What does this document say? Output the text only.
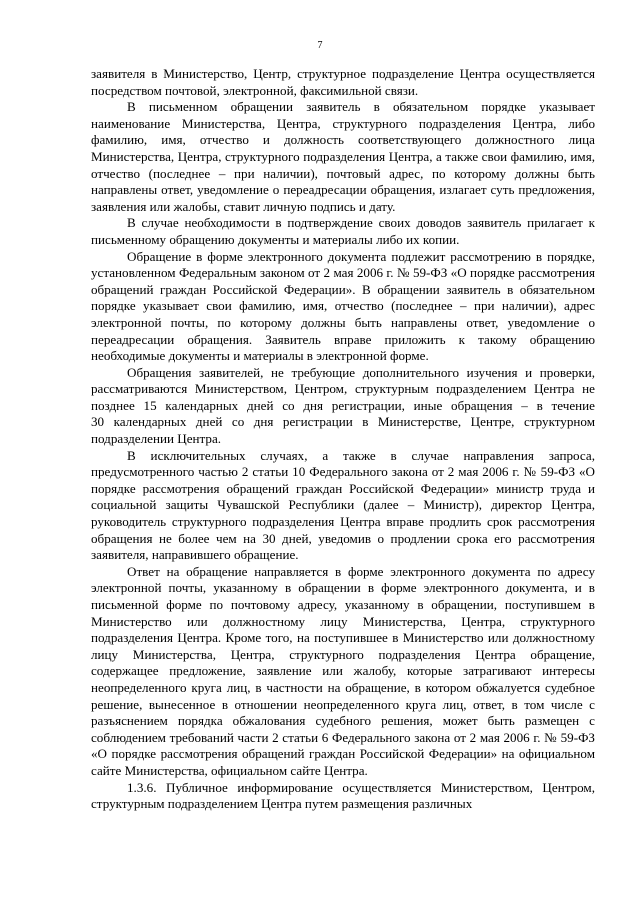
7

заявителя в Министерство, Центр, структурное подразделение Центра осуществляется посредством почтовой, электронной, факсимильной связи.

В письменном обращении заявитель в обязательном порядке указывает наименование Министерства, Центра, структурного подразделения Центра, либо фамилию, имя, отчество и должность соответствующего должностного лица Министерства, Центра, структурного подразделения Центра, а также свои фамилию, имя, отчество (последнее – при наличии), почтовый адрес, по которому должны быть направлены ответ, уведомление о переадресации обращения, излагает суть предложения, заявления или жалобы, ставит личную подпись и дату.

В случае необходимости в подтверждение своих доводов заявитель прилагает к письменному обращению документы и материалы либо их копии.

Обращение в форме электронного документа подлежит рассмотрению в порядке, установленном Федеральным законом от 2 мая 2006 г. № 59-ФЗ «О порядке рассмотрения обращений граждан Российской Федерации». В обращении заявитель в обязательном порядке указывает свои фамилию, имя, отчество (последнее – при наличии), адрес электронной почты, по которому должны быть направлены ответ, уведомление о переадресации обращения. Заявитель вправе приложить к такому обращению необходимые документы и материалы в электронной форме.

Обращения заявителей, не требующие дополнительного изучения и проверки, рассматриваются Министерством, Центром, структурным подразделением Центра не позднее 15 календарных дней со дня регистрации, иные обращения – в течение

30 календарных дней со дня регистрации в Министерстве, Центре, структурном подразделении Центра.

В исключительных случаях, а также в случае направления запроса, предусмотренного частью 2 статьи 10 Федерального закона от 2 мая 2006 г. № 59-ФЗ «О порядке рассмотрения обращений граждан Российской Федерации» министр труда и социальной защиты Чувашской Республики (далее – Министр), директор Центра, руководитель структурного подразделения Центра вправе продлить срок рассмотрения обращения не более чем на 30 дней, уведомив о продлении срока его рассмотрения заявителя, направившего обращение.

Ответ на обращение направляется в форме электронного документа по адресу электронной почты, указанному в обращении в форме электронного документа, и в письменной форме по почтовому адресу, указанному в обращении, поступившем в Министерство или должностному лицу Министерства, Центра, структурного подразделения Центра. Кроме того, на поступившее в Министерство или должностному лицу Министерства, Центра, структурного подразделения Центра обращение, содержащее предложение, заявление или жалобу, которые затрагивают интересы неопределенного круга лиц, в частности на обращение, в котором обжалуется судебное решение, вынесенное в отношении неопределенного круга лиц, ответ, в том числе с разъяснением порядка обжалования судебного решения, может быть размещен с соблюдением требований части 2 статьи 6 Федерального закона от 2 мая 2006 г. № 59-ФЗ «О порядке рассмотрения обращений граждан Российской Федерации» на официальном сайте Министерства, официальном сайте Центра.

1.3.6. Публичное информирование осуществляется Министерством, Центром, структурным подразделением Центра путем размещения различных
